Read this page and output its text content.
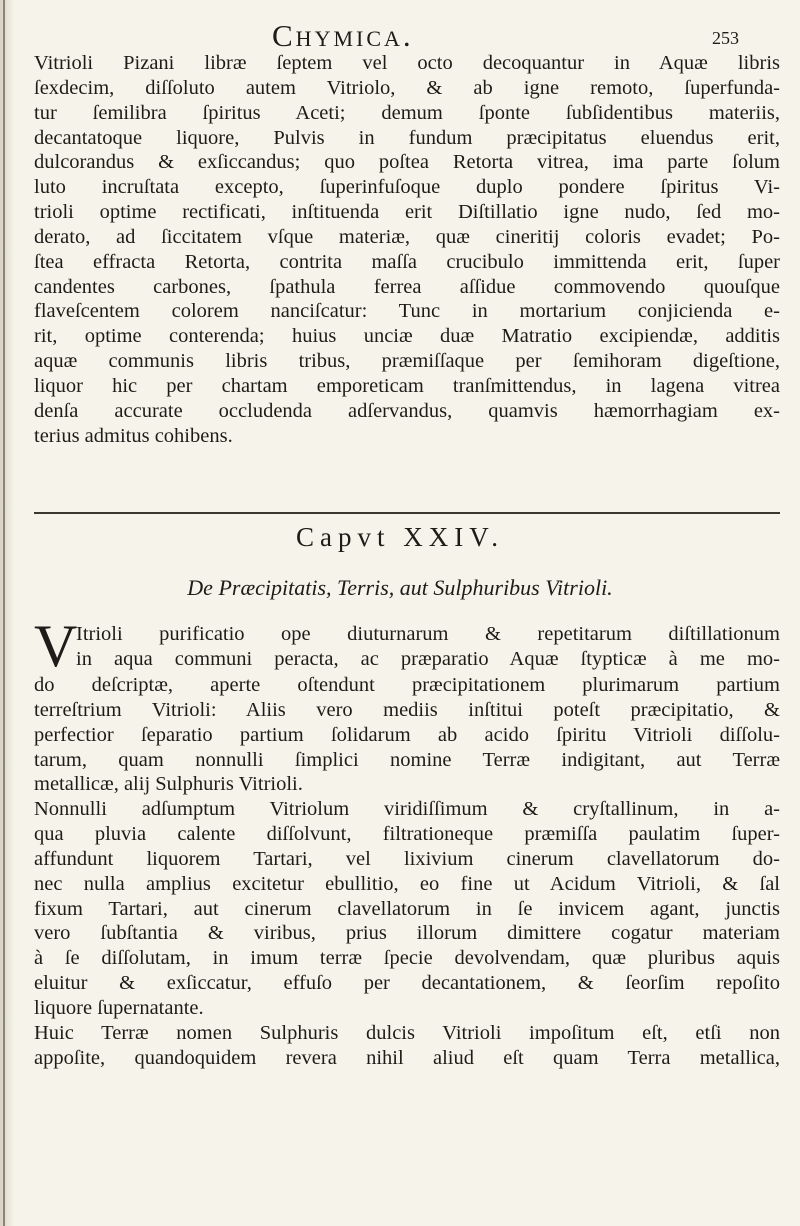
Chymica.	253
Vitrioli Pizani libræ ſeptem vel octo decoquantur in Aquæ libris
ſexdecim, diſſoluto autem Vitriolo, & ab igne remoto, ſuperfunda-
tur ſemilibra ſpiritus Aceti; demum ſponte ſubſidentibus materiis,
decantatoque liquore, Pulvis in fundum præcipitatus eluendus erit,
dulcorandus & exſiccandus; quo poſtea Retorta vitrea, ima parte ſolum
luto incruſtata excepto, ſuperinfuſoque duplo pondere ſpiritus Vi-
trioli optime rectificati, inſtituenda erit Diſtillatio igne nudo, ſed mo-
derato, ad ſiccitatem vſque materiæ, quæ cineritij coloris evadet; Po-
ſtea effracta Retorta, contrita maſſa crucibulo immittenda erit, ſuper
candentes carbones, ſpathula ferrea aſſidue commovendo quouſque
flaveſcentem colorem nanciſcatur: Tunc in mortarium conjicienda e-
rit, optime conterenda; huius unciæ duæ Matratio excipiendæ, additis
aquæ communis libris tribus, præmiſſaque per ſemihoram digeſtione,
liquor hic per chartam emporeticam tranſmittendus, in lagena vitrea
denſa accurate occludenda adſervandus, quamvis hæmorrhagiam ex-
terius admitus cohibens.
Capvt XXIV.
De Præcipitatis, Terris, aut Sulphuribus Vitrioli.
V
Itrioli purificatio ope diuturnarum & repetitarum diſtillationum
in aqua communi peracta, ac præparatio Aquæ ſtypticæ à me mo-
do deſcriptæ, aperte oſtendunt præcipitationem plurimarum partium
terreſtrium Vitrioli: Aliis vero mediis inſtitui poteſt præcipitatio, &
perfectior ſeparatio partium ſolidarum ab acido ſpiritu Vitrioli diſſolu-
tarum, quam nonnulli ſimplici nomine Terræ indigitant, aut Terræ
metallicæ, alij Sulphuris Vitrioli.
Nonnulli adſumptum Vitriolum viridiſſimum & cryſtallinum, in a-
qua pluvia calente diſſolvunt, filtrationeque præmiſſa paulatim ſuper-
affundunt liquorem Tartari, vel lixivium cinerum clavellatorum do-
nec nulla amplius excitetur ebullitio, eo fine ut Acidum Vitrioli, & ſal
fixum Tartari, aut cinerum clavellatorum in ſe invicem agant, junctis
vero ſubſtantia & viribus, prius illorum dimittere cogatur materiam
à ſe diſſolutam, in imum terræ ſpecie devolvendam, quæ pluribus aquis
eluitur & exſiccatur, effuſo per decantationem, & ſeorſim repoſito
liquore ſupernatante.
Huic Terræ nomen Sulphuris dulcis Vitrioli impoſitum eſt, etſi non
appoſite, quandoquidem revera nihil aliud eſt quam Terra metallica,
